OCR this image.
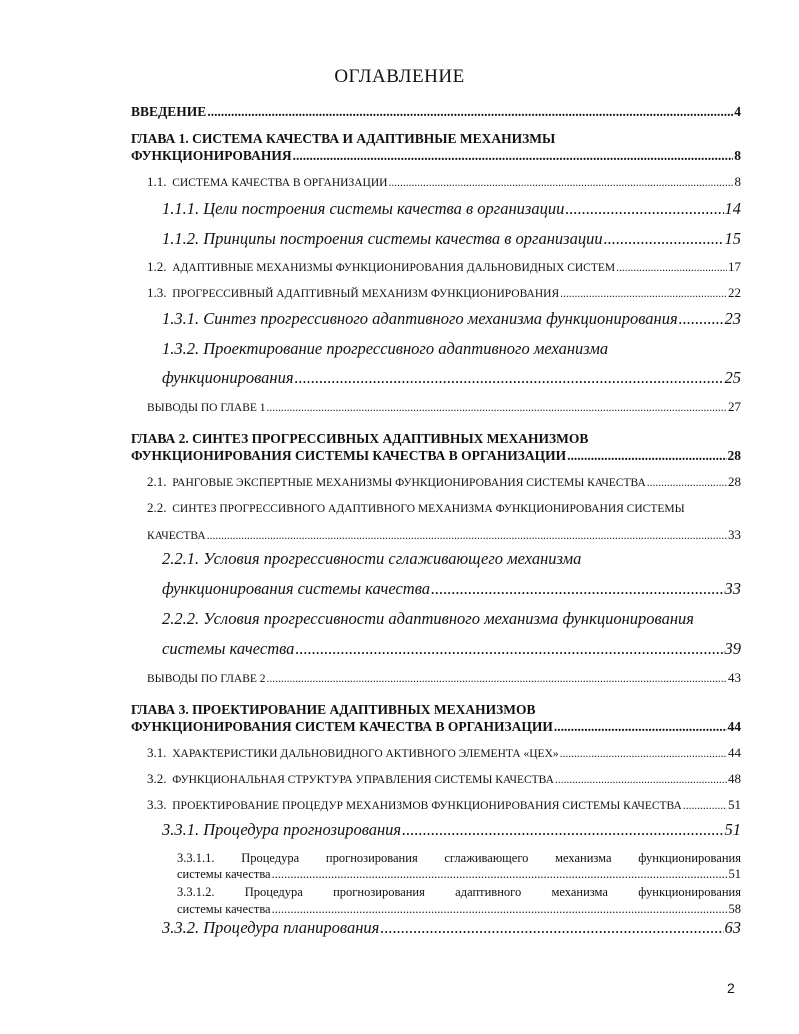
ОГЛАВЛЕНИЕ
ВВЕДЕНИЕ .....	4
ГЛАВА 1. СИСТЕМА КАЧЕСТВА И АДАПТИВНЫЕ МЕХАНИЗМЫ
ФУНКЦИОНИРОВАНИЯ .....	8
1.1. СИСТЕМА КАЧЕСТВА В ОРГАНИЗАЦИИ .....	8
1.1.1. Цели построения системы качества в организации .....	14
1.1.2. Принципы построения системы качества в организации .....	15
1.2. АДАПТИВНЫЕ МЕХАНИЗМЫ ФУНКЦИОНИРОВАНИЯ ДАЛЬНОВИДНЫХ СИСТЕМ .....	17
1.3. ПРОГРЕССИВНЫЙ АДАПТИВНЫЙ МЕХАНИЗМ ФУНКЦИОНИРОВАНИЯ .....	22
1.3.1. Синтез прогрессивного адаптивного механизма функционирования .....	23
1.3.2. Проектирование прогрессивного адаптивного механизма
функционирования .....	25
ВЫВОДЫ ПО ГЛАВЕ 1 .....	27
ГЛАВА 2. СИНТЕЗ ПРОГРЕССИВНЫХ АДАПТИВНЫХ МЕХАНИЗМОВ
ФУНКЦИОНИРОВАНИЯ СИСТЕМЫ КАЧЕСТВА В ОРГАНИЗАЦИИ .....	28
2.1. РАНГОВЫЕ ЭКСПЕРТНЫЕ МЕХАНИЗМЫ ФУНКЦИОНИРОВАНИЯ СИСТЕМЫ КАЧЕСТВА .....	28
2.2. СИНТЕЗ ПРОГРЕССИВНОГО АДАПТИВНОГО МЕХАНИЗМА ФУНКЦИОНИРОВАНИЯ СИСТЕМЫ
КАЧЕСТВА .....	33
2.2.1. Условия прогрессивности сглаживающего механизма
функционирования системы качества .....	33
2.2.2. Условия прогрессивности адаптивного механизма функционирования
системы качества .....	39
ВЫВОДЫ ПО ГЛАВЕ 2 .....	43
ГЛАВА 3. ПРОЕКТИРОВАНИЕ АДАПТИВНЫХ МЕХАНИЗМОВ
ФУНКЦИОНИРОВАНИЯ СИСТЕМ КАЧЕСТВА В ОРГАНИЗАЦИИ .....	44
3.1. ХАРАКТЕРИСТИКИ ДАЛЬНОВИДНОГО АКТИВНОГО ЭЛЕМЕНТА «ЦЕХ» .....	44
3.2. ФУНКЦИОНАЛЬНАЯ СТРУКТУРА УПРАВЛЕНИЯ СИСТЕМЫ КАЧЕСТВА .....	48
3.3. ПРОЕКТИРОВАНИЕ ПРОЦЕДУР МЕХАНИЗМОВ ФУНКЦИОНИРОВАНИЯ СИСТЕМЫ КАЧЕСТВА .....	51
3.3.1. Процедура прогнозирования .....	51
3.3.1.1. Процедура прогнозирования сглаживающего механизма функционирования
системы качества .....	51
3.3.1.2. Процедура прогнозирования адаптивного механизма функционирования
системы качества .....	58
3.3.2. Процедура планирования .....	63
2
